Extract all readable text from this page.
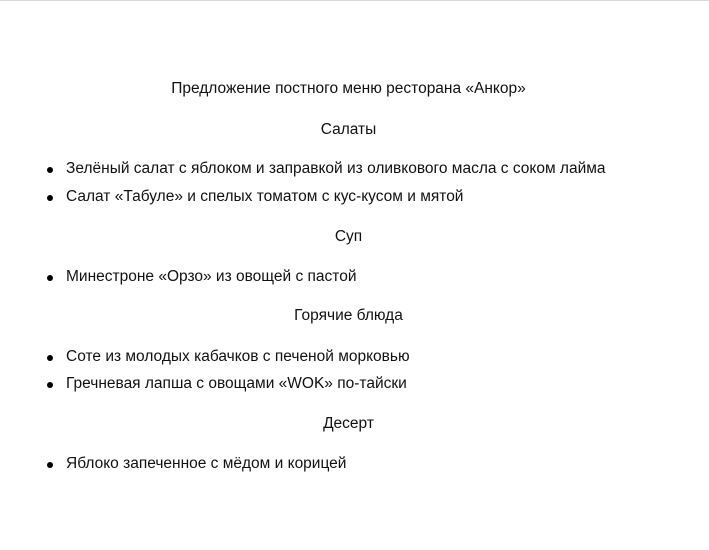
Предложение постного меню ресторана «Анкор»
Салаты
Зелёный салат с яблоком и заправкой из оливкового масла с соком лайма
Салат «Табуле» и спелых томатом с кус-кусом и мятой
Суп
Минестроне «Орзо» из овощей с пастой
Горячие блюда
Соте из молодых кабачков с печеной морковью
Гречневая лапша с овощами «WOK» по-тайски
Десерт
Яблоко запеченное с мёдом и корицей
